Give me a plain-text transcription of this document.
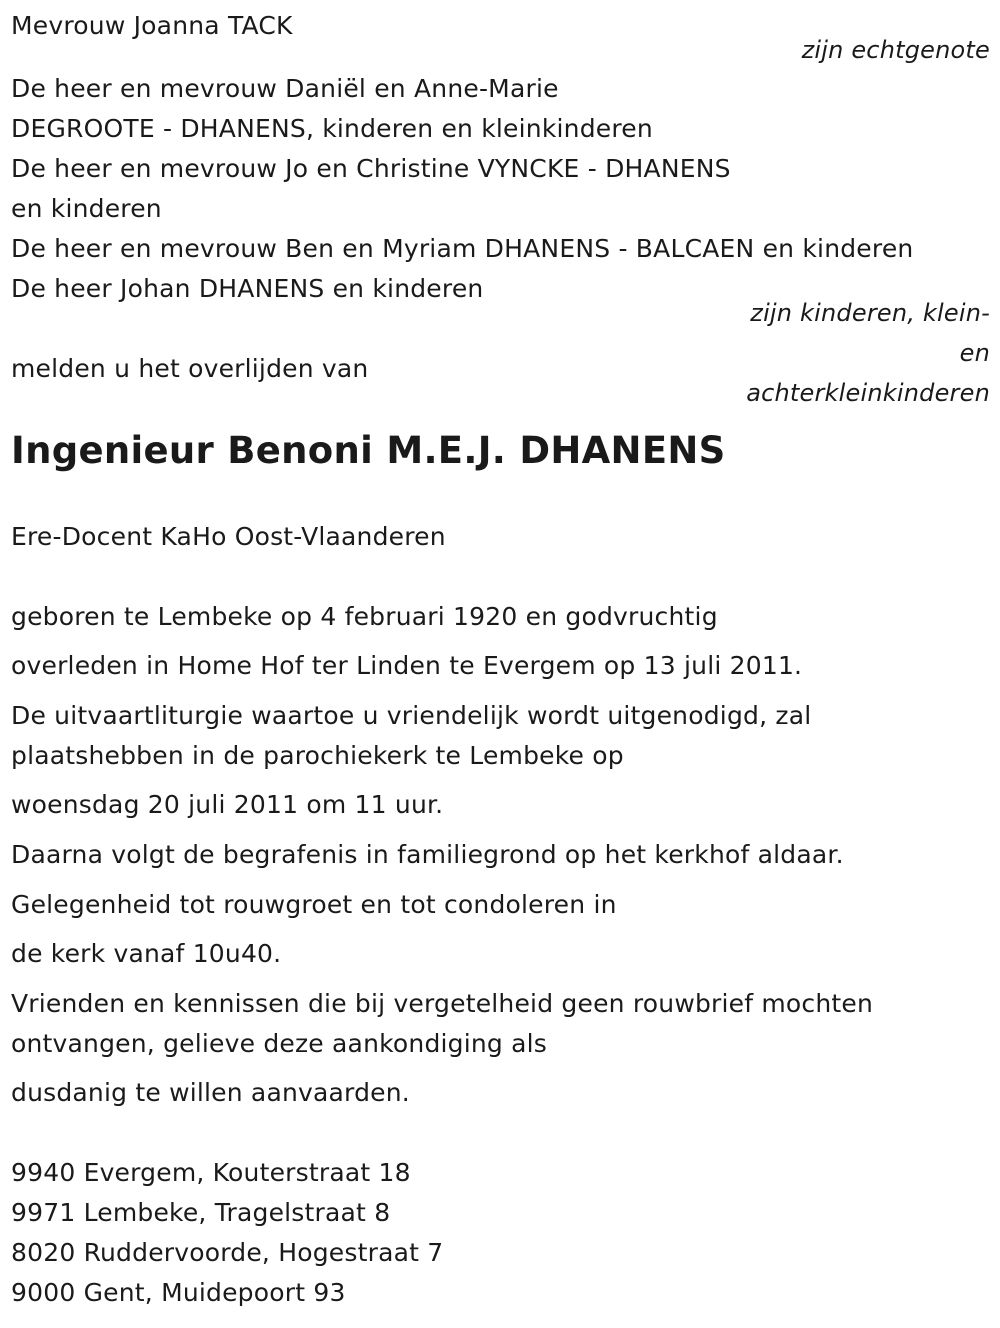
Mevrouw Joanna TACK
zijn echtgenote
De heer en mevrouw Daniël en Anne-Marie
DEGROOTE - DHANENS, kinderen en kleinkinderen
De heer en mevrouw Jo en Christine VYNCKE - DHANENS
en kinderen
De heer en mevrouw Ben en Myriam DHANENS - BALCAEN en kinderen
De heer Johan DHANENS en kinderen
zijn kinderen, klein-
en
achterkleinkinderen
melden u het overlijden van
Ingenieur Benoni M.E.J. DHANENS
Ere-Docent KaHo Oost-Vlaanderen
geboren te Lembeke op 4 februari 1920 en godvruchtig
overleden in Home Hof ter Linden te Evergem op 13 juli 2011.
De uitvaartliturgie waartoe u vriendelijk wordt uitgenodigd, zal
plaatshebben in de parochiekerk te Lembeke op
woensdag 20 juli 2011 om 11 uur.
Daarna volgt de begrafenis in familiegrond op het kerkhof aldaar.
Gelegenheid tot rouwgroet en tot condoleren in
de kerk vanaf 10u40.
Vrienden en kennissen die bij vergetelheid geen rouwbrief mochten
ontvangen, gelieve deze aankondiging als
dusdanig te willen aanvaarden.
9940 Evergem, Kouterstraat 18
9971 Lembeke, Tragelstraat 8
8020 Ruddervoorde, Hogestraat 7
9000 Gent, Muidepoort 93
